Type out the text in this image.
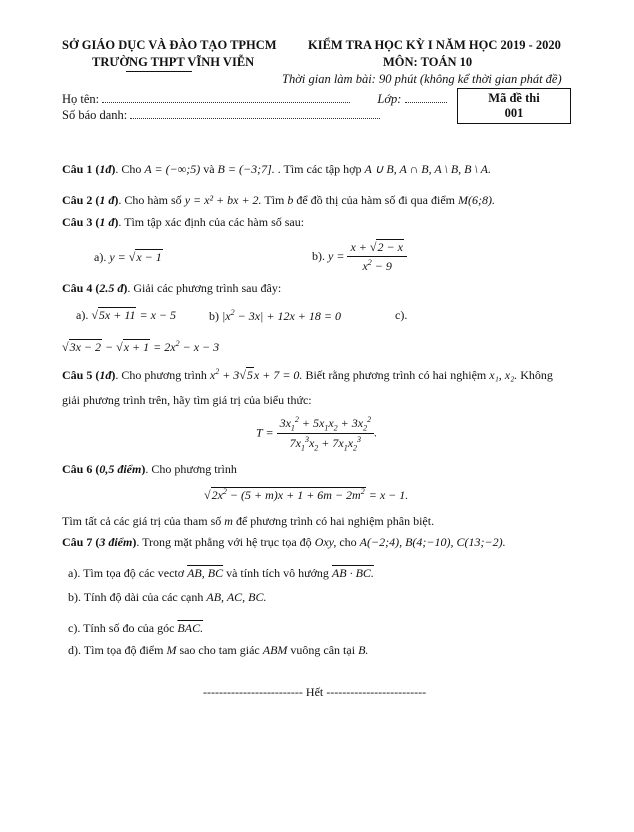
SỞ GIÁO DỤC VÀ ĐÀO TẠO TPHCM
TRƯỜNG THPT VĨNH VIỄN
KIỂM TRA HỌC KỲ I NĂM HỌC 2019 - 2020
MÔN: TOÁN 10
Thời gian làm bài: 90 phút (không kể thời gian phát đề)
Họ tên:	Lớp:
Số báo danh:
Mã đề thi
001
Câu 1 (1đ). Cho A = (−∞;5) và B = (−3;7]. . Tìm các tập hợp A ∪ B, A ∩ B, A \ B, B \ A.
Câu 2 (1 đ). Cho hàm số y = x² + bx + 2. Tìm b để đồ thị của hàm số đi qua điểm M(6;8).
Câu 3 (1 đ). Tìm tập xác định của các hàm số sau:
a). y = √x − 1	b). $y = \frac{x + √2 - x}{x^2 - 9}$
Câu 4 (2.5 đ). Giải các phương trình sau đây:
a). √5x + 11 = x − 5	b) $|x^2 - 3x| + 12x + 18 = 0$	c).
$√3x - 2 - √x + 1 = 2x^2 - x - 3$
Câu 5 (1đ). Cho phương trình $x^2 + 3√5x + 7 = 0$. Biết rằng phương trình có hai nghiệm x₁, x₂. Không
giải phương trình trên, hãy tìm giá trị của biểu thức:
$T = \frac{3x_1^2 + 5x_1x_2 + 3x_2^2}{7x_1^3x_2 + 7x_1x_2^3}$ .
Câu 6 (0,5 điểm). Cho phương trình
$√2x^2 - (5 + m)x + 1 + 6m - 2m^2 = x - 1$.
Tìm tất cả các giá trị của tham số m để phương trình có hai nghiệm phân biệt.
Câu 7 (3 điểm). Trong mặt phẳng với hệ trục tọa độ Oxy, cho A(−2;4), B(4;−10), C(13;−2).
a). Tìm tọa độ các vectơ AB, BC và tính tích vô hướng AB · BC.
b). Tính độ dài của các cạnh AB, AC, BC.
c). Tính số đo của góc BAC.
d). Tìm tọa độ điểm M sao cho tam giác ABM vuông cân tại B.
------------------------- Hết -------------------------
